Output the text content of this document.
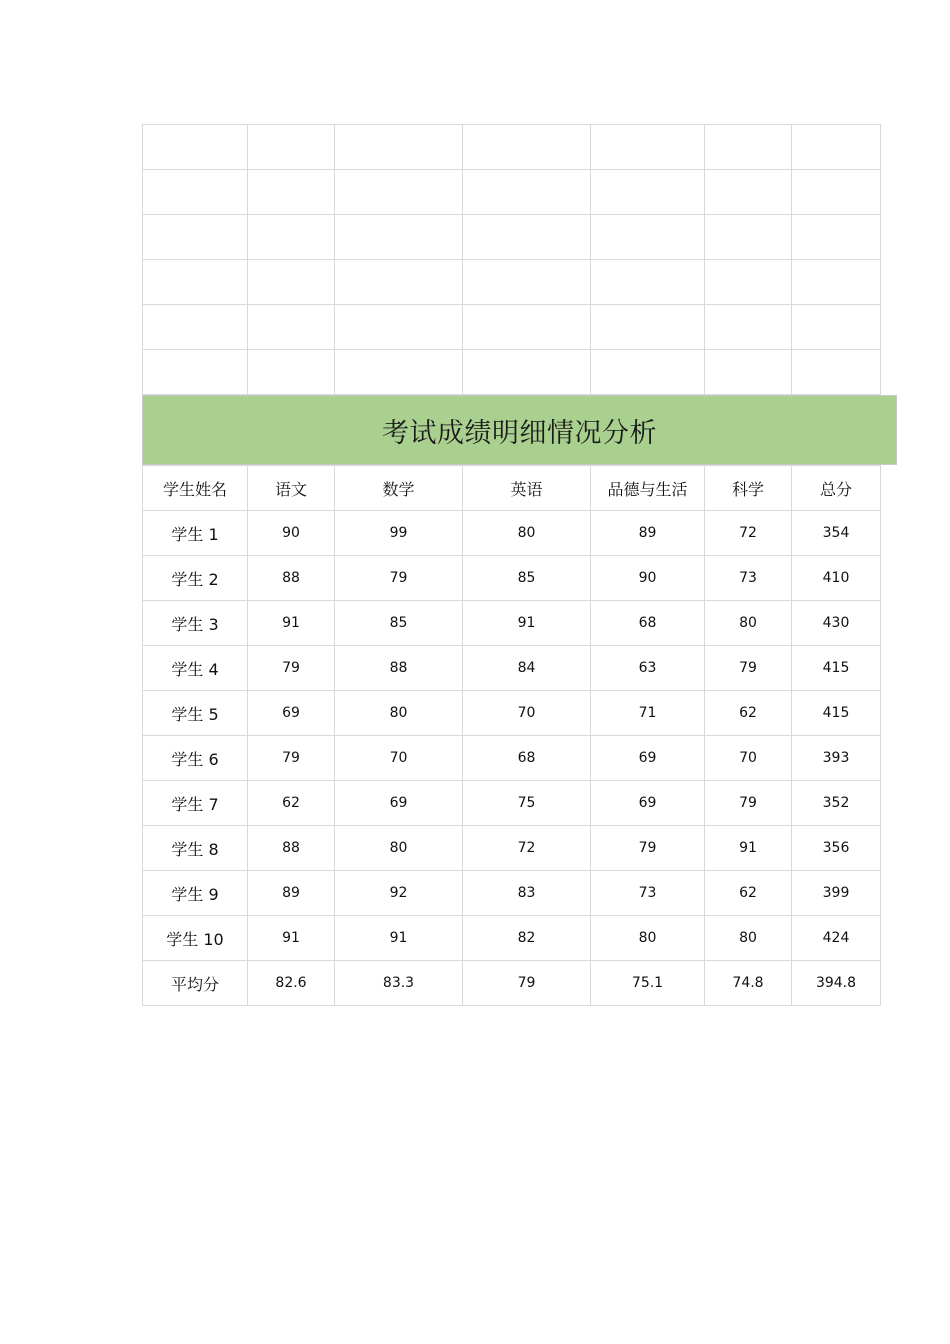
考试成绩明细情况分析
学生姓名	语文	数学	英语	品德与生活	科学	总分
学生 1	90	99	80	89	72	354
学生 2	88	79	85	90	73	410
学生 3	91	85	91	68	80	430
学生 4	79	88	84	63	79	415
学生 5	69	80	70	71	62	415
学生 6	79	70	68	69	70	393
学生 7	62	69	75	69	79	352
学生 8	88	80	72	79	91	356
学生 9	89	92	83	73	62	399
学生 10	91	91	82	80	80	424
平均分	82.6	83.3	79	75.1	74.8	394.8
